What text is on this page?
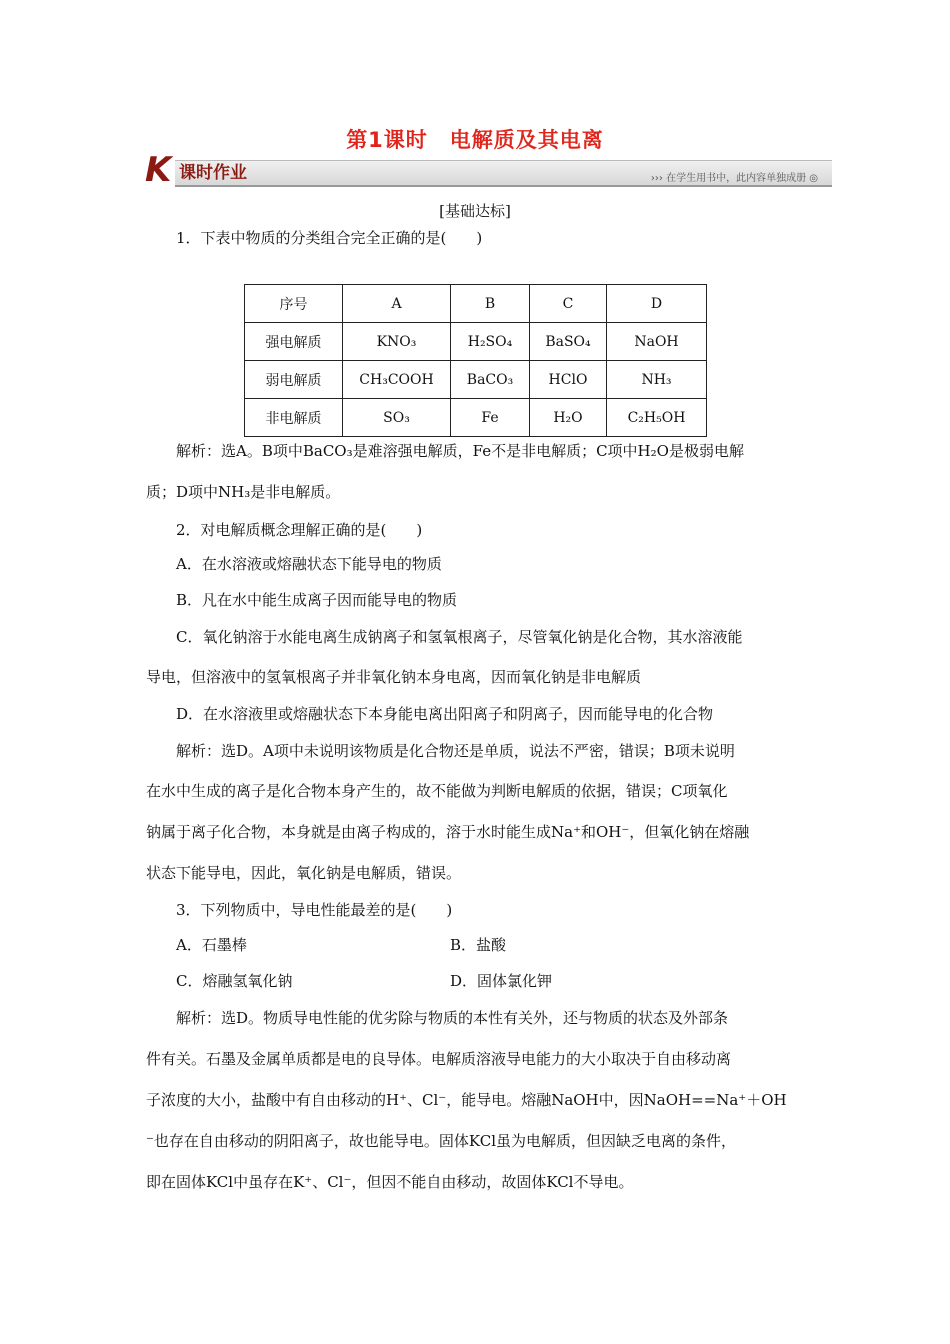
第1课时　电解质及其电离
K 课时作业	››› 在学生用书中，此内容单独成册 ◎
[基础达标]
1．下表中物质的分类组合完全正确的是(　　)
序号	A	B	C	D
强电解质	KNO₃	H₂SO₄	BaSO₄	NaOH
弱电解质	CH₃COOH	BaCO₃	HClO	NH₃
非电解质	SO₃	Fe	H₂O	C₂H₅OH
解析：选A。B项中BaCO₃是难溶强电解质，Fe不是非电解质；C项中H₂O是极弱电解
质；D项中NH₃是非电解质。
2．对电解质概念理解正确的是(　　)
A．在水溶液或熔融状态下能导电的物质
B．凡在水中能生成离子因而能导电的物质
C．氧化钠溶于水能电离生成钠离子和氢氧根离子，尽管氧化钠是化合物，其水溶液能
导电，但溶液中的氢氧根离子并非氧化钠本身电离，因而氧化钠是非电解质
D．在水溶液里或熔融状态下本身能电离出阳离子和阴离子，因而能导电的化合物
解析：选D。A项中未说明该物质是化合物还是单质，说法不严密，错误；B项未说明
在水中生成的离子是化合物本身产生的，故不能做为判断电解质的依据，错误；C项氧化
钠属于离子化合物，本身就是由离子构成的，溶于水时能生成Na⁺和OH⁻，但氧化钠在熔融
状态下能导电，因此，氧化钠是电解质，错误。
3．下列物质中，导电性能最差的是(　　)
A．石墨棒	B．盐酸
C．熔融氢氧化钠	D．固体氯化钾
解析：选D。物质导电性能的优劣除与物质的本性有关外，还与物质的状态及外部条
件有关。石墨及金属单质都是电的良导体。电解质溶液导电能力的大小取决于自由移动离
子浓度的大小，盐酸中有自由移动的H⁺、Cl⁻，能导电。熔融NaOH中，因NaOH==Na⁺＋OH
⁻也存在自由移动的阴阳离子，故也能导电。固体KCl虽为电解质，但因缺乏电离的条件，
即在固体KCl中虽存在K⁺、Cl⁻，但因不能自由移动，故固体KCl不导电。
